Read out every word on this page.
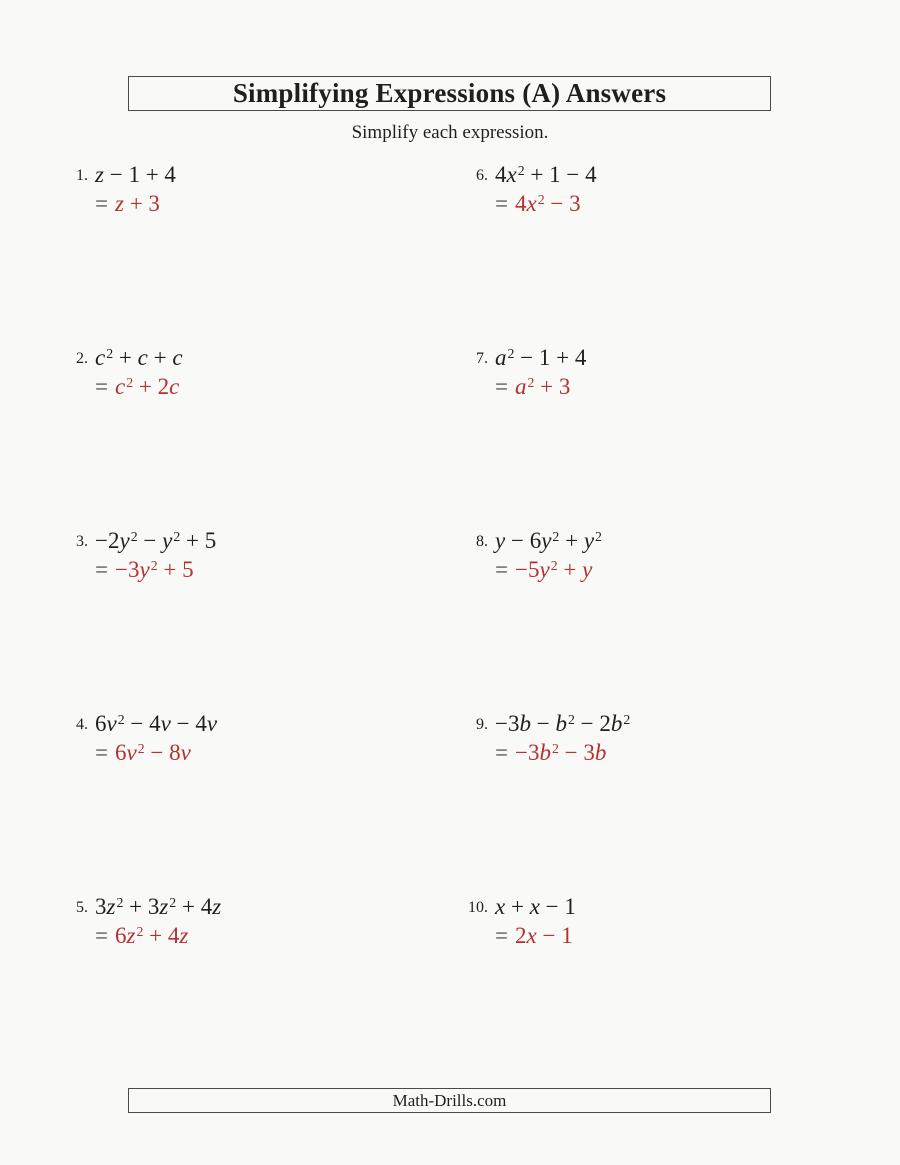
Simplifying Expressions (A) Answers
Simplify each expression.
1. z − 1 + 4
= z + 3
2. $c^2 + c + c$
= $c^2 + 2c$
3. $-2y^2 - y^2 + 5$
= $-3y^2 + 5$
4. $6v^2 - 4v - 4v$
= $6v^2 - 8v$
5. $3z^2 + 3z^2 + 4z$
= $6z^2 + 4z$
6. $4x^2 + 1 - 4$
= $4x^2 - 3$
7. $a^2 - 1 + 4$
= $a^2 + 3$
8. $y - 6y^2 + y^2$
= $-5y^2 + y$
9. $-3b - b^2 - 2b^2$
= $-3b^2 - 3b$
10. x + x − 1
= 2x − 1
Math-Drills.com
